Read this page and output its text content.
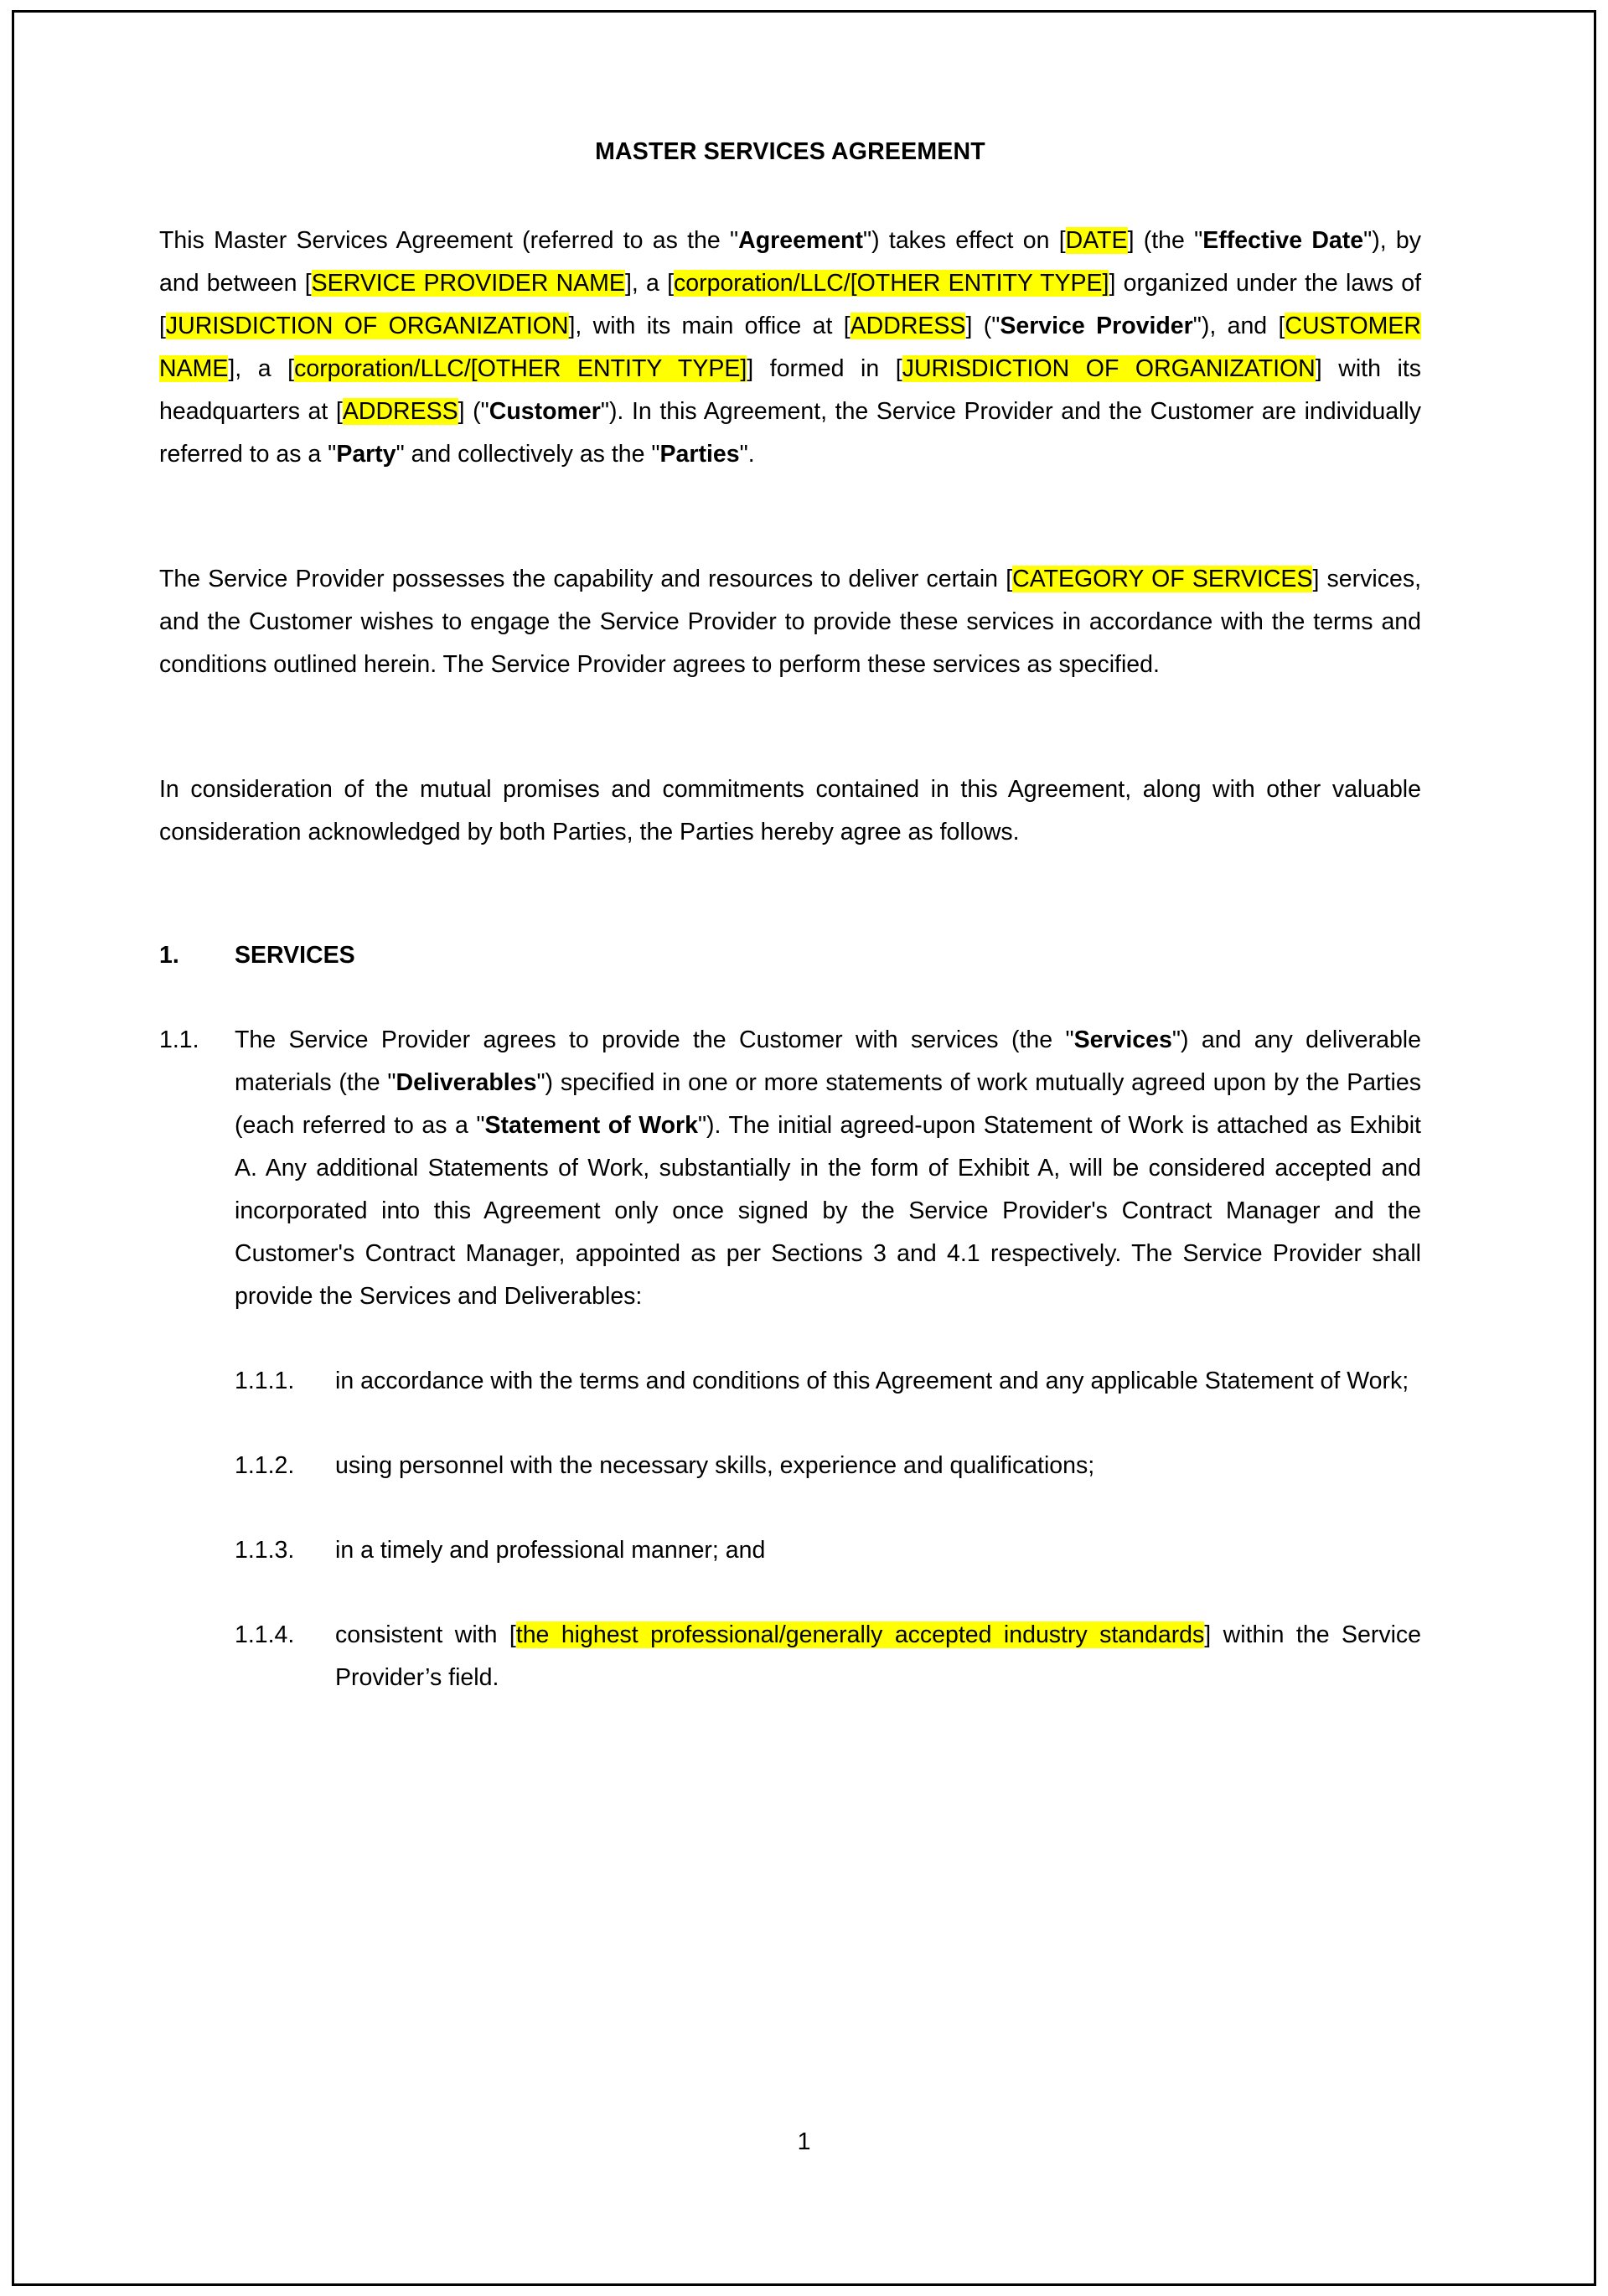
MASTER SERVICES AGREEMENT

This Master Services Agreement (referred to as the "Agreement") takes effect on [DATE] (the "Effective Date"), by and between [SERVICE PROVIDER NAME], a [corporation/LLC/[OTHER ENTITY TYPE]] organized under the laws of [JURISDICTION OF ORGANIZATION], with its main office at [ADDRESS] ("Service Provider"), and [CUSTOMER NAME], a [corporation/LLC/[OTHER ENTITY TYPE]] formed in [JURISDICTION OF ORGANIZATION] with its headquarters at [ADDRESS] ("Customer"). In this Agreement, the Service Provider and the Customer are individually referred to as a "Party" and collectively as the "Parties".

The Service Provider possesses the capability and resources to deliver certain [CATEGORY OF SERVICES] services, and the Customer wishes to engage the Service Provider to provide these services in accordance with the terms and conditions outlined herein. The Service Provider agrees to perform these services as specified.

In consideration of the mutual promises and commitments contained in this Agreement, along with other valuable consideration acknowledged by both Parties, the Parties hereby agree as follows.

1.	SERVICES
1.1.	The Service Provider agrees to provide the Customer with services (the "Services") and any deliverable materials (the "Deliverables") specified in one or more statements of work mutually agreed upon by the Parties (each referred to as a "Statement of Work"). The initial agreed-upon Statement of Work is attached as Exhibit A. Any additional Statements of Work, substantially in the form of Exhibit A, will be considered accepted and incorporated into this Agreement only once signed by the Service Provider's Contract Manager and the Customer's Contract Manager, appointed as per Sections 3 and 4.1 respectively. The Service Provider shall provide the Services and Deliverables:
1.1.1.	in accordance with the terms and conditions of this Agreement and any applicable Statement of Work;
1.1.2.	using personnel with the necessary skills, experience and qualifications;
1.1.3.	in a timely and professional manner; and
1.1.4.	consistent with [the highest professional/generally accepted industry standards] within the Service Provider’s field.
1
